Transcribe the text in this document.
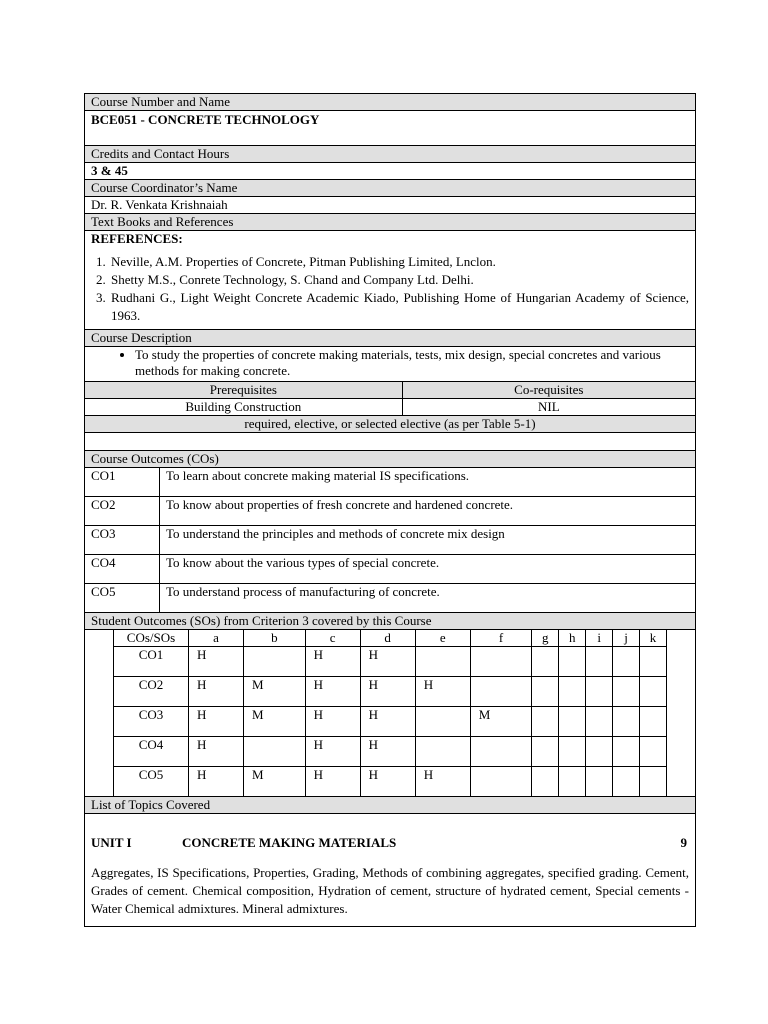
Course Number and Name
BCE051 - CONCRETE TECHNOLOGY
Credits and Contact Hours
3 & 45
Course Coordinator’s Name
Dr. R. Venkata Krishnaiah
Text Books and References
REFERENCES:
1. Neville, A.M. Properties of Concrete, Pitman Publishing Limited, Lnclon.
2. Shetty M.S., Conrete Technology, S. Chand and Company Ltd. Delhi.
3. Rudhani G., Light Weight Concrete Academic Kiado, Publishing Home of Hungarian Academy of Science, 1963.
Course Description
• To study the properties of concrete making materials, tests, mix design, special concretes and various methods for making concrete.
Prerequisites	Co-requisites
Building Construction	NIL
required, elective, or selected elective (as per Table 5-1)
Course Outcomes (COs)
CO1	To learn about concrete making material IS specifications.
CO2	To know about properties of fresh concrete and hardened concrete.
CO3	To understand the principles and methods of concrete mix design
CO4	To know about the various types of special concrete.
CO5	To understand process of manufacturing of concrete.
Student Outcomes (SOs) from Criterion 3 covered by this Course
COs/SOs	a	b	c	d	e	f	g	h	i	j	k
CO1	H		H	H							
CO2	H	M	H	H	H						
CO3	H	M	H	H		M					
CO4	H		H	H							
CO5	H	M	H	H	H						
List of Topics Covered
UNIT I	CONCRETE MAKING MATERIALS	9
Aggregates, IS Specifications, Properties, Grading, Methods of combining aggregates, specified grading. Cement, Grades of cement. Chemical composition, Hydration of cement, structure of hydrated cement, Special cements - Water Chemical admixtures. Mineral admixtures.
